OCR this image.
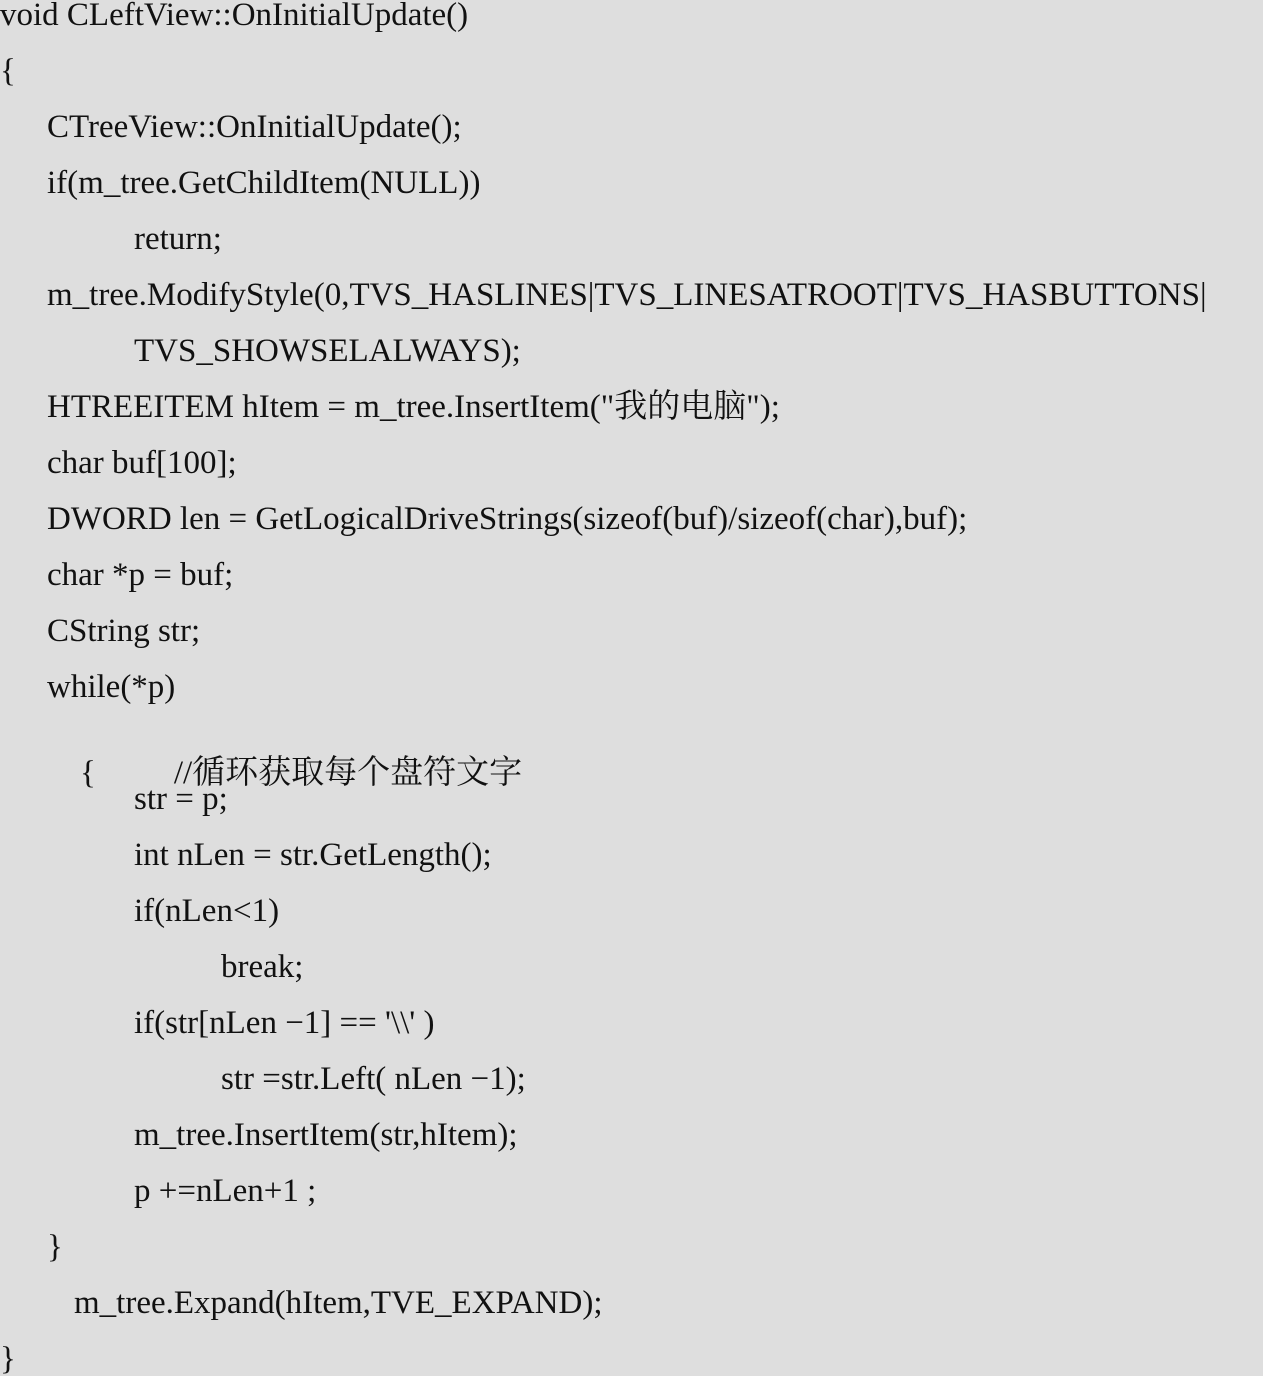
void CLeftView::OnInitialUpdate()
{
CTreeView::OnInitialUpdate();
if(m_tree.GetChildItem(NULL))
return;
m_tree.ModifyStyle(0,TVS_HASLINES|TVS_LINESATROOT|TVS_HASBUTTONS|
TVS_SHOWSELALWAYS);
HTREEITEM hItem = m_tree.InsertItem("我的电脑");
char buf[100];
DWORD len = GetLogicalDriveStrings(sizeof(buf)/sizeof(char),buf);
char *p = buf;
CString str;
while(*p)

{ //循环获取每个盘符文字

str = p;
int nLen = str.GetLength();
if(nLen<1)
break;
if(str[nLen −1] == '\\' )
str =str.Left( nLen −1);
m_tree.InsertItem(str,hItem);
p +=nLen+1 ;
}
m_tree.Expand(hItem,TVE_EXPAND);
}
